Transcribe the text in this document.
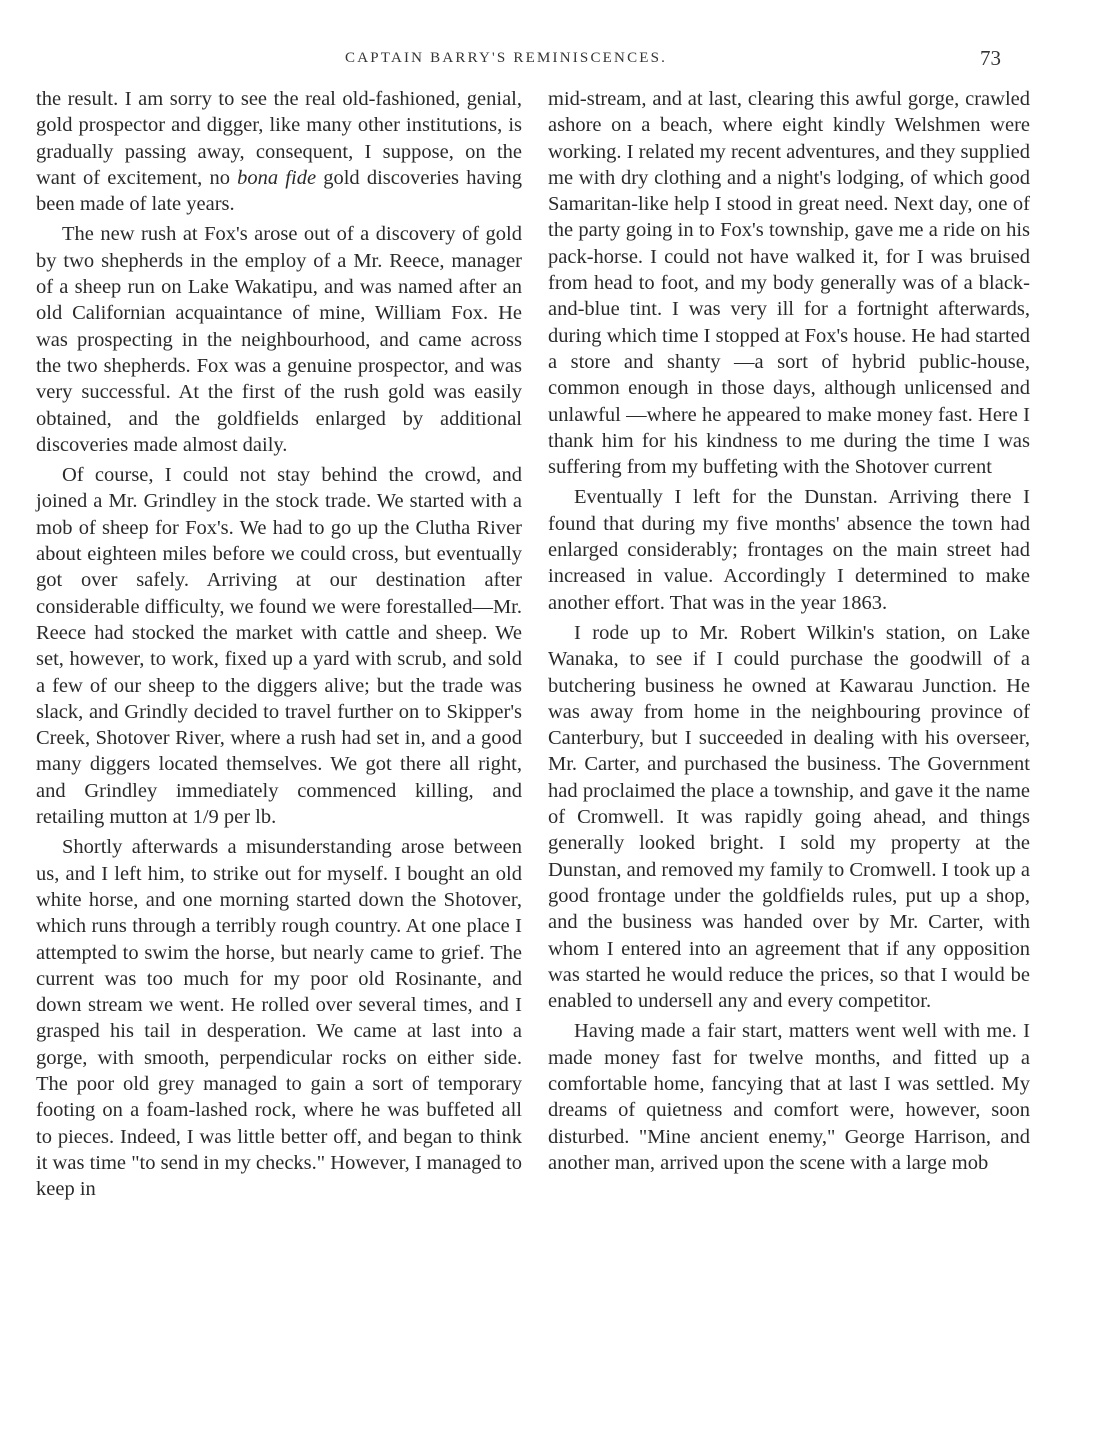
CAPTAIN BARRY'S REMINISCENCES.	73

the result. I am sorry to see the real old-fashioned, genial, gold prospector and digger, like many other institutions, is gradually passing away, consequent, I suppose, on the want of excitement, no bona fide gold discoveries having been made of late years.

The new rush at Fox's arose out of a discovery of gold by two shepherds in the employ of a Mr. Reece, manager of a sheep run on Lake Wakatipu, and was named after an old Californian acquaintance of mine, William Fox. He was prospecting in the neighbourhood, and came across the two shepherds. Fox was a genuine prospector, and was very successful. At the first of the rush gold was easily obtained, and the goldfields enlarged by additional discoveries made almost daily.

Of course, I could not stay behind the crowd, and joined a Mr. Grindley in the stock trade. We started with a mob of sheep for Fox's. We had to go up the Clutha River about eighteen miles before we could cross, but eventually got over safely. Arriving at our destination after considerable difficulty, we found we were forestalled—Mr. Reece had stocked the market with cattle and sheep. We set, however, to work, fixed up a yard with scrub, and sold a few of our sheep to the diggers alive; but the trade was slack, and Grindly decided to travel further on to Skipper's Creek, Shotover River, where a rush had set in, and a good many diggers located themselves. We got there all right, and Grindley immediately commenced killing, and retailing mutton at 1/9 per lb.

Shortly afterwards a misunderstanding arose between us, and I left him, to strike out for myself. I bought an old white horse, and one morning started down the Shotover, which runs through a terribly rough country. At one place I attempted to swim the horse, but nearly came to grief. The current was too much for my poor old Rosinante, and down stream we went. He rolled over several times, and I grasped his tail in desperation. We came at last into a gorge, with smooth, perpendicular rocks on either side. The poor old grey managed to gain a sort of temporary footing on a foam-lashed rock, where he was buffeted all to pieces. Indeed, I was little better off, and began to think it was time "to send in my checks." However, I managed to keep in

mid-stream, and at last, clearing this awful gorge, crawled ashore on a beach, where eight kindly Welshmen were working. I related my recent adventures, and they supplied me with dry clothing and a night's lodging, of which good Samaritan-like help I stood in great need. Next day, one of the party going in to Fox's township, gave me a ride on his pack-horse. I could not have walked it, for I was bruised from head to foot, and my body generally was of a black-and-blue tint. I was very ill for a fortnight afterwards, during which time I stopped at Fox's house. He had started a store and shanty —a sort of hybrid public-house, common enough in those days, although unlicensed and unlawful —where he appeared to make money fast. Here I thank him for his kindness to me during the time I was suffering from my buffeting with the Shotover current

Eventually I left for the Dunstan. Arriving there I found that during my five months' absence the town had enlarged considerably; frontages on the main street had increased in value. Accordingly I determined to make another effort. That was in the year 1863.

I rode up to Mr. Robert Wilkin's station, on Lake Wanaka, to see if I could purchase the goodwill of a butchering business he owned at Kawarau Junction. He was away from home in the neighbouring province of Canterbury, but I succeeded in dealing with his overseer, Mr. Carter, and purchased the business. The Government had proclaimed the place a township, and gave it the name of Cromwell. It was rapidly going ahead, and things generally looked bright. I sold my property at the Dunstan, and removed my family to Cromwell. I took up a good frontage under the goldfields rules, put up a shop, and the business was handed over by Mr. Carter, with whom I entered into an agreement that if any opposition was started he would reduce the prices, so that I would be enabled to undersell any and every competitor.

Having made a fair start, matters went well with me. I made money fast for twelve months, and fitted up a comfortable home, fancying that at last I was settled. My dreams of quietness and comfort were, however, soon disturbed. "Mine ancient enemy," George Harrison, and another man, arrived upon the scene with a large mob
